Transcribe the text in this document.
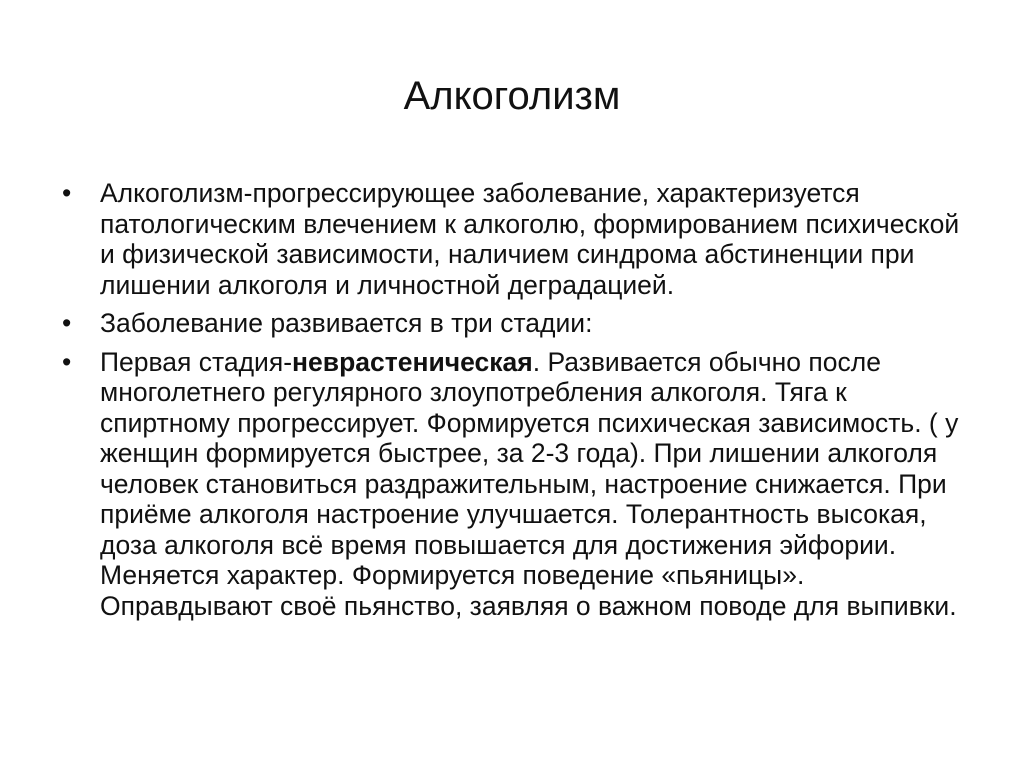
Алкоголизм
•	Алкоголизм-прогрессирующее заболевание, характеризуется патологическим влечением к алкоголю, формированием психической и физической зависимости, наличием синдрома абстиненции при лишении алкоголя и личностной деградацией.
•	Заболевание развивается в три стадии:
•	Первая стадия-неврастеническая. Развивается обычно после многолетнего регулярного злоупотребления алкоголя. Тяга к спиртному прогрессирует. Формируется психическая зависимость. ( у женщин формируется быстрее, за 2-3 года). При лишении алкоголя человек становиться раздражительным, настроение снижается. При приёме алкоголя настроение улучшается. Толерантность высокая, доза алкоголя всё время повышается для достижения эйфории. Меняется характер. Формируется поведение «пьяницы». Оправдывают своё пьянство, заявляя о важном поводе для выпивки.
